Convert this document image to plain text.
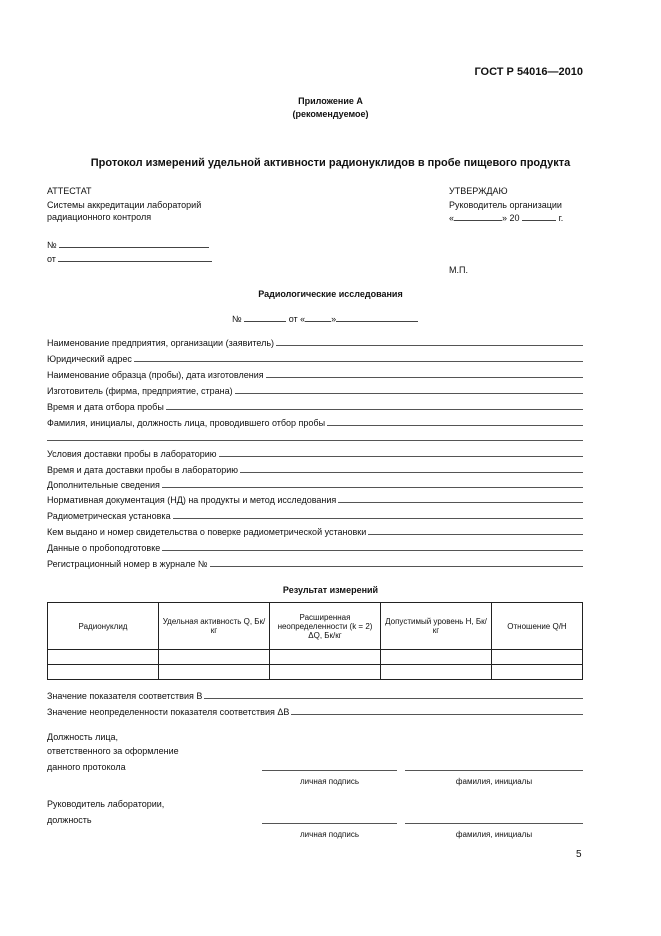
ГОСТ Р 54016—2010
Приложение А
(рекомендуемое)
Протокол измерений удельной активности радионуклидов в пробе пищевого продукта
АТТЕСТАТ
Системы аккредитации лабораторий
радиационного контроля
№
от
УТВЕРЖДАЮ
Руководитель организации
«	» 20	г.
М.П.
Радиологические исследования
№	от «	»
Наименование предприятия, организации (заявитель)
Юридический адрес
Наименование образца (пробы), дата изготовления
Изготовитель (фирма, предприятие, страна)
Время и дата отбора пробы
Фамилия, инициалы, должность лица, проводившего отбор пробы
Условия доставки пробы в лабораторию
Время и дата доставки пробы в лабораторию
Дополнительные сведения
Нормативная документация (НД) на продукты и метод исследования
Радиометрическая установка
Кем выдано и номер свидетельства о поверке радиометрической установки
Данные о пробоподготовке
Регистрационный номер в журнале №
Результат измерений
Радионуклид	Удельная активность Q, Бк/кг	Расширенная неопределенности (k = 2) ΔQ, Бк/кг	Допустимый уровень H, Бк/кг	Отношение Q/H

Значение показателя соответствия B
Значение неопределенности показателя соответствия ΔB
Должность лица,
ответственного за оформление
данного протокола
личная подпись	фамилия, инициалы
Руководитель лаборатории,
должность
личная подпись	фамилия, инициалы
5
